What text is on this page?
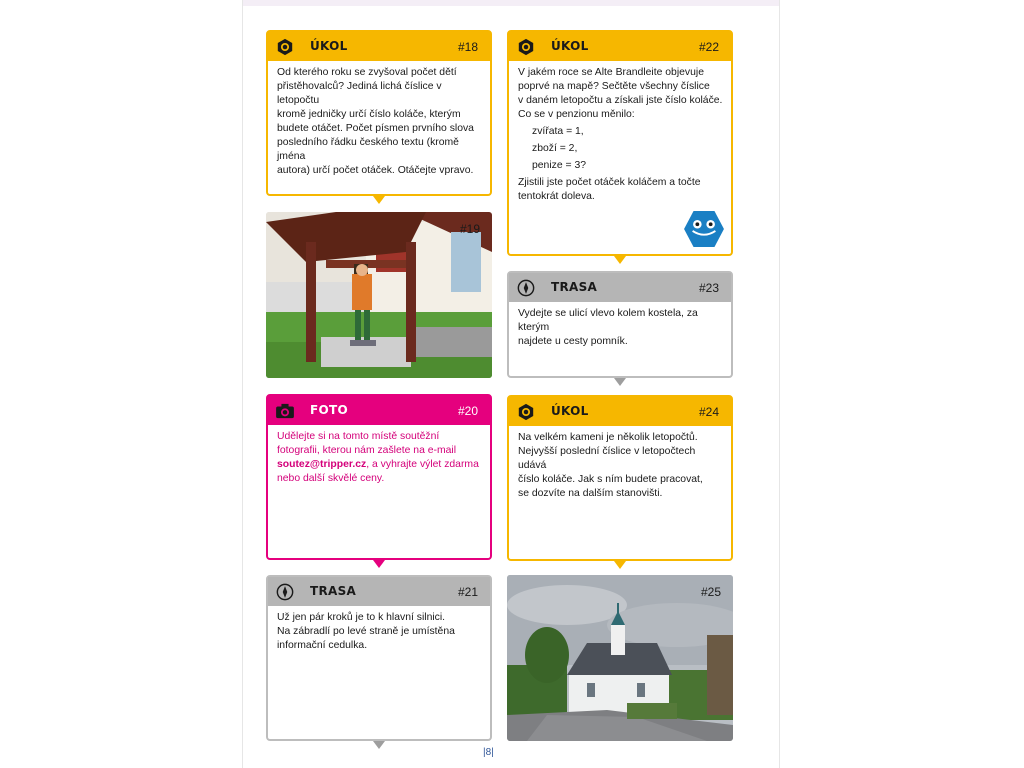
ÚKOL	#18

Od kterého roku se zvyšoval počet dětí

přistěhovalců? Jediná lichá číslice v letopočtu

kromě jedničky určí číslo koláče, kterým

budete otáčet. Počet písmen prvního slova

posledního řádku českého textu (kromě jména

autora) určí počet otáček. Otáčejte vpravo.

#19
FOTO	#20

Udělejte si na tomto místě soutěžní

fotografii, kterou nám zašlete na e-mail

soutez@tripper.cz, a vyhrajte výlet zdarma

nebo další skvělé ceny.

TRASA	#21

Už jen pár kroků je to k hlavní silnici.

Na zábradlí po levé straně je umístěna

informační cedulka.

ÚKOL	#22

V jakém roce se Alte Brandleite objevuje

poprvé na mapě? Sečtěte všechny číslice

v daném letopočtu a získali jste číslo koláče.

Co se v penzionu měnilo:

zvířata = 1,

zboží = 2,

penize = 3?

Zjistili jste počet otáček koláčem a točte

tentokrát doleva.

TRASA	#23

Vydejte se ulicí vlevo kolem kostela, za kterým

najdete u cesty pomník.

ÚKOL	#24

Na velkém kameni je několik letopočtů.

Nejvyšší poslední číslice v letopočtech udává

číslo koláče. Jak s ním budete pracovat,

se dozvíte na dalším stanovišti.

#25
|8|
